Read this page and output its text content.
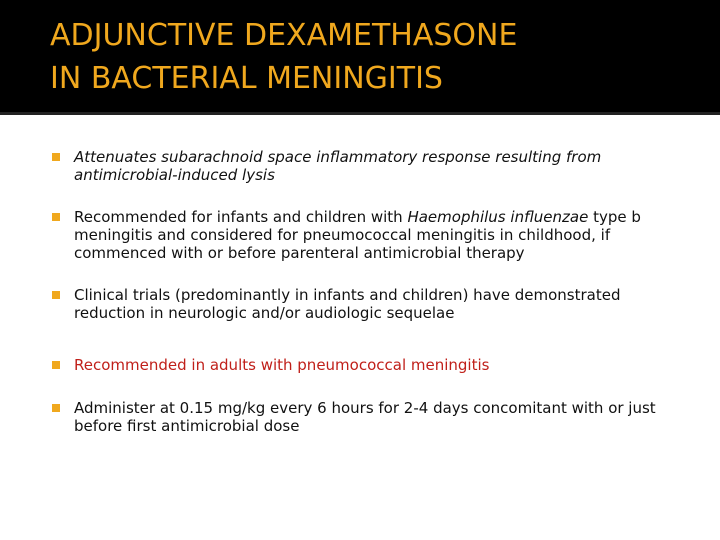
ADJUNCTIVE DEXAMETHASONE
IN BACTERIAL MENINGITIS
Attenuates subarachnoid space inflammatory response resulting from antimicrobial-induced lysis
Recommended for infants and children with Haemophilus influenzae type b meningitis and considered for pneumococcal meningitis in childhood, if commenced with or before parenteral antimicrobial therapy
Clinical trials (predominantly in infants and children) have demonstrated reduction in neurologic and/or audiologic sequelae
Recommended in adults with pneumococcal meningitis
Administer at 0.15 mg/kg every 6 hours for 2-4 days concomitant with or just before first antimicrobial dose
